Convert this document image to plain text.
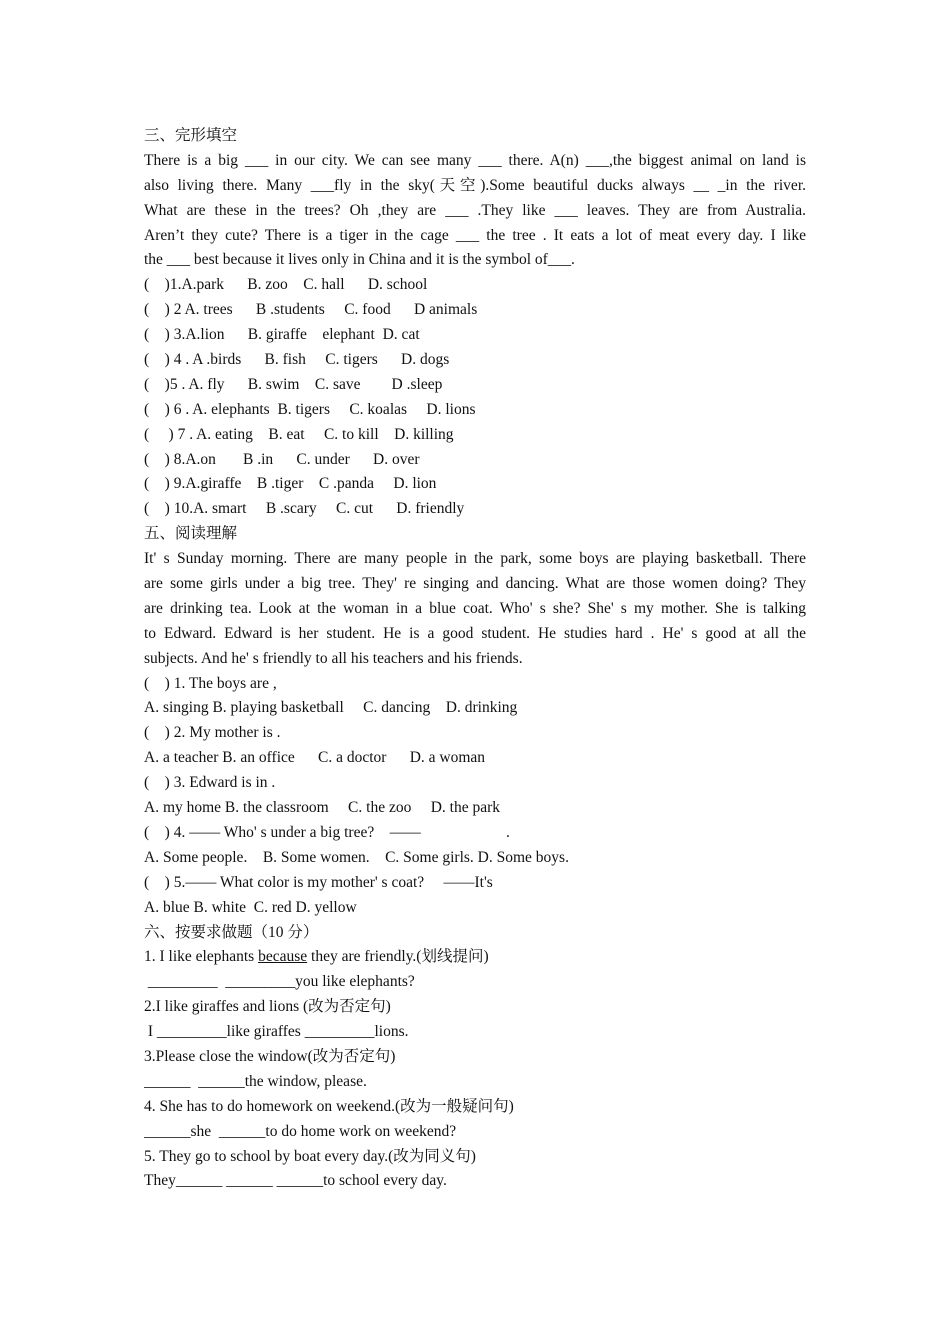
三、完形填空
There is a big ___ in our city. We can see many ___ there. A(n) ___,the biggest animal on land is
also living there. Many ___fly in the sky(天空).Some beautiful ducks always __ _in the river.
What are these in the trees? Oh ,they are ___ .They like ___ leaves. They are from Australia.
Aren’t they cute? There is a tiger in the cage ___ the tree . It eats a lot of meat every day. I like
the ___ best because it lives only in China and it is the symbol of___.
(    )1.A.park      B. zoo    C. hall      D. school
(    ) 2 A. trees      B .students     C. food      D animals
(    ) 3.A.lion      B. giraffe    elephant  D. cat
(    ) 4 . A .birds      B. fish     C. tigers      D. dogs
(    )5 . A. fly      B. swim    C. save        D .sleep
(    ) 6 . A. elephants  B. tigers     C. koalas     D. lions
(     ) 7 . A. eating    B. eat     C. to kill    D. killing
(    ) 8.A.on       B .in      C. under      D. over
(    ) 9.A.giraffe    B .tiger    C .panda     D. lion
(    ) 10.A. smart     B .scary     C. cut      D. friendly
五、阅读理解
It' s Sunday morning. There are many people in the park, some boys are playing basketball. There
are some girls under a big tree. They' re singing and dancing. What are those women doing? They
are drinking tea. Look at the woman in a blue coat. Who' s she? She' s my mother. She is talking
to Edward. Edward is her student. He is a good student. He studies hard . He' s good at all the
subjects. And he' s friendly to all his teachers and his friends.
(    ) 1. The boys are ,
A. singing B. playing basketball     C. dancing    D. drinking
(    ) 2. My mother is .
A. a teacher B. an office      C. a doctor      D. a woman
(    ) 3. Edward is in .
A. my home B. the classroom     C. the zoo     D. the park
(    ) 4. —— Who' s under a big tree?    ——                      .
A. Some people.    B. Some women.    C. Some girls. D. Some boys.
(    ) 5.—— What color is my mother' s coat?     ——It's
A. blue B. white  C. red D. yellow
六、按要求做题（10 分）
1. I like elephants because they are friendly.(划线提问)
_________  _________you like elephants?
2.I like giraffes and lions (改为否定句)
I _________like giraffes _________lions.
3.Please close the window(改为否定句)
______  ______the window, please.
4. She has to do homework on weekend.(改为一般疑问句)
______she  ______to do home work on weekend?
5. They go to school by boat every day.(改为同义句)
They______ ______ ______to school every day.
